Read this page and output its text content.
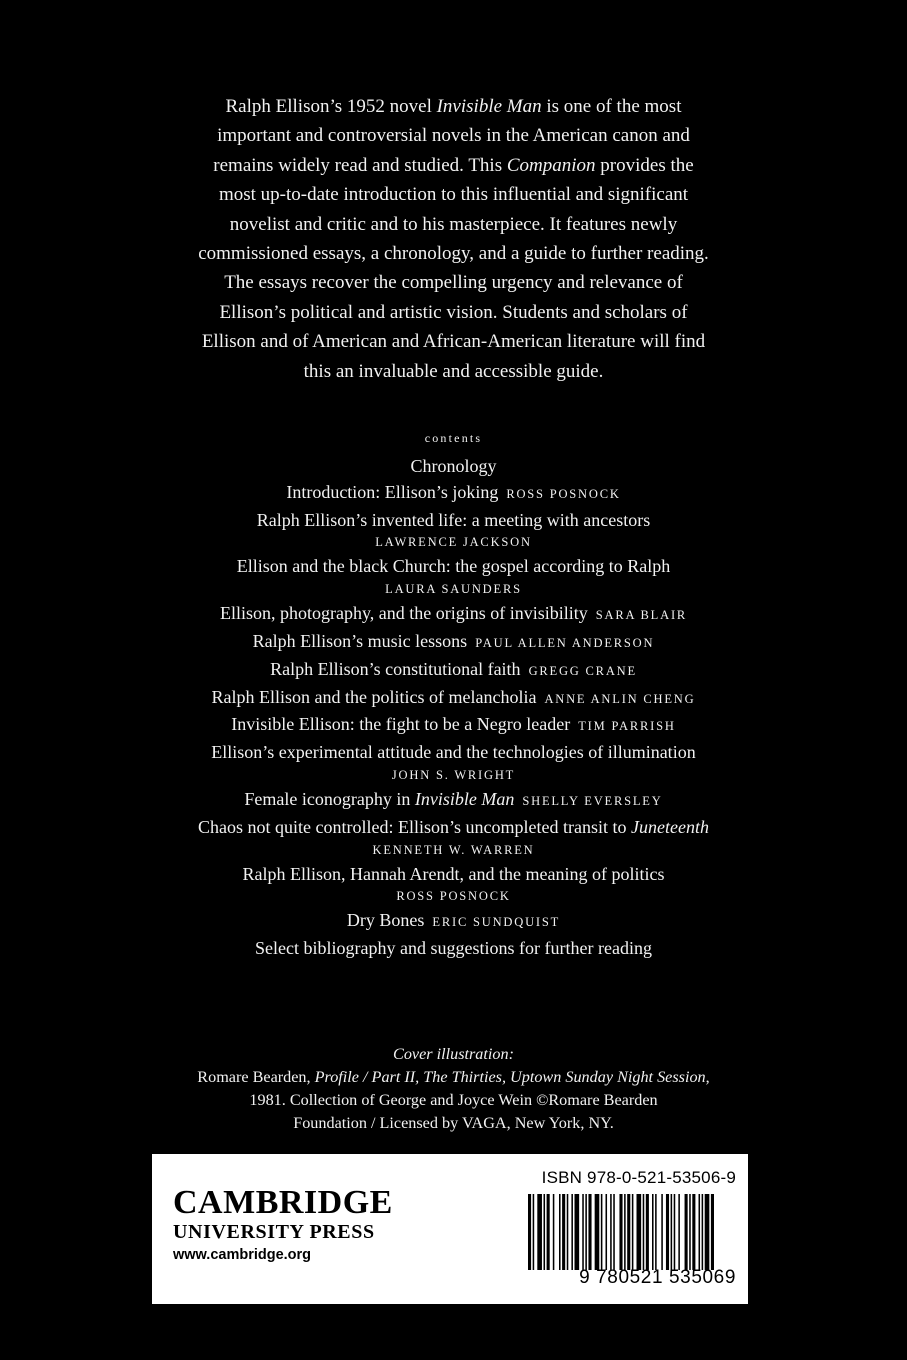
Ralph Ellison’s 1952 novel Invisible Man is one of the most
important and controversial novels in the American canon and
remains widely read and studied. This Companion provides the
most up-to-date introduction to this influential and significant
novelist and critic and to his masterpiece. It features newly
commissioned essays, a chronology, and a guide to further reading.
The essays recover the compelling urgency and relevance of
Ellison’s political and artistic vision. Students and scholars of
Ellison and of American and African-American literature will find
this an invaluable and accessible guide.
contents
Chronology
Introduction: Ellison’s joking ROSS POSNOCK
Ralph Ellison’s invented life: a meeting with ancestors
LAWRENCE JACKSON
Ellison and the black Church: the gospel according to Ralph
LAURA SAUNDERS
Ellison, photography, and the origins of invisibility SARA BLAIR
Ralph Ellison’s music lessons PAUL ALLEN ANDERSON
Ralph Ellison’s constitutional faith GREGG CRANE
Ralph Ellison and the politics of melancholia ANNE ANLIN CHENG
Invisible Ellison: the fight to be a Negro leader TIM PARRISH
Ellison’s experimental attitude and the technologies of illumination
JOHN S. WRIGHT
Female iconography in Invisible Man SHELLY EVERSLEY
Chaos not quite controlled: Ellison’s uncompleted transit to Juneteenth
KENNETH W. WARREN
Ralph Ellison, Hannah Arendt, and the meaning of politics
ROSS POSNOCK
Dry Bones ERIC SUNDQUIST
Select bibliography and suggestions for further reading
Cover illustration:
Romare Bearden, Profile / Part II, The Thirties, Uptown Sunday Night Session,
1981. Collection of George and Joyce Wein ©Romare Bearden
Foundation / Licensed by VAGA, New York, NY.
CAMBRIDGE
UNIVERSITY PRESS
www.cambridge.org
ISBN 978-0-521-53506-9
9 780521 535069
